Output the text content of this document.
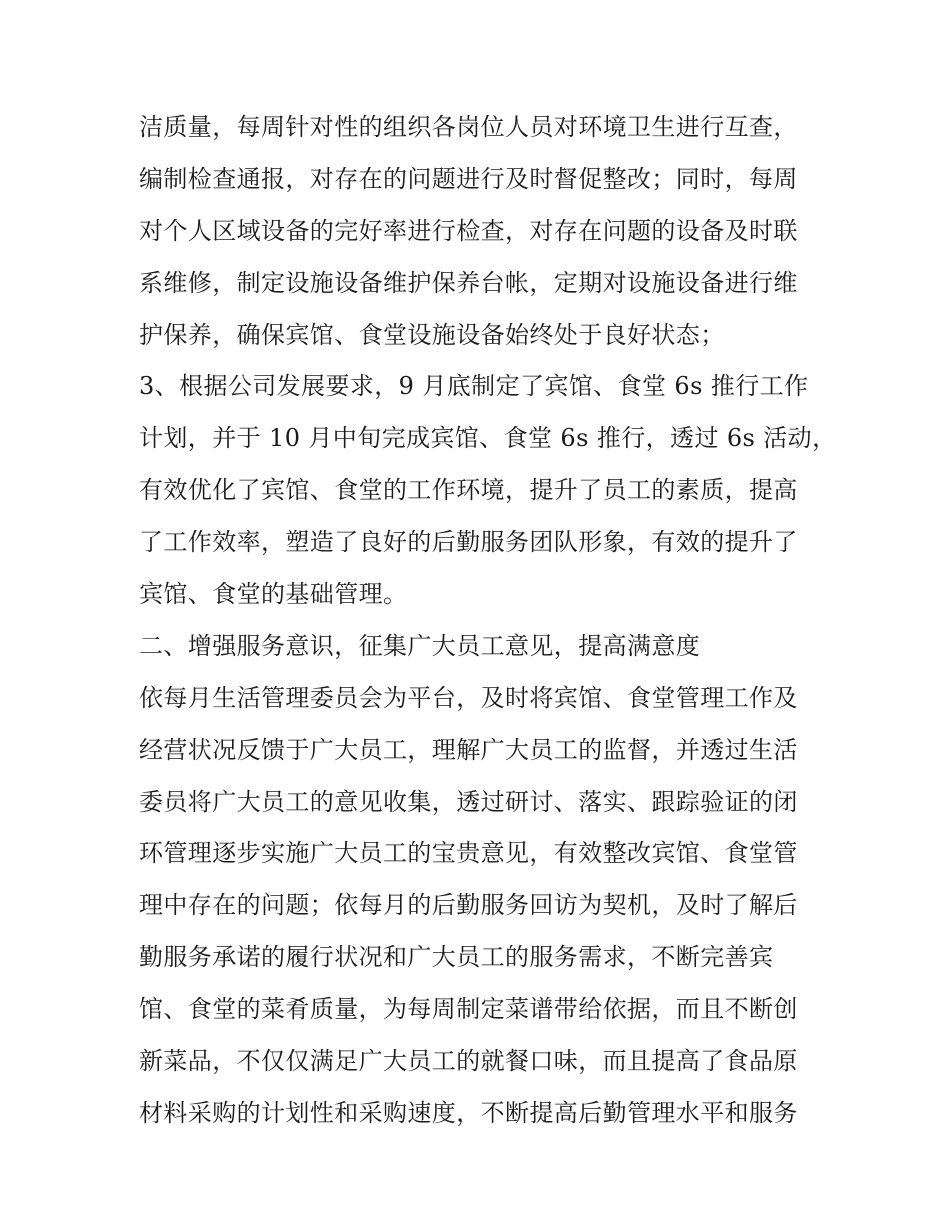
洁质量，每周针对性的组织各岗位人员对环境卫生进行互查，
编制检查通报，对存在的问题进行及时督促整改；同时，每周
对个人区域设备的完好率进行检查，对存在问题的设备及时联
系维修，制定设施设备维护保养台帐，定期对设施设备进行维
护保养，确保宾馆、食堂设施设备始终处于良好状态；
3、根据公司发展要求，9 月底制定了宾馆、食堂 6s 推行工作
计划，并于 10 月中旬完成宾馆、食堂 6s 推行，透过 6s 活动，
有效优化了宾馆、食堂的工作环境，提升了员工的素质，提高
了工作效率，塑造了良好的后勤服务团队形象，有效的提升了
宾馆、食堂的基础管理。
二、增强服务意识，征集广大员工意见，提高满意度
依每月生活管理委员会为平台，及时将宾馆、食堂管理工作及
经营状况反馈于广大员工，理解广大员工的监督，并透过生活
委员将广大员工的意见收集，透过研讨、落实、跟踪验证的闭
环管理逐步实施广大员工的宝贵意见，有效整改宾馆、食堂管
理中存在的问题；依每月的后勤服务回访为契机，及时了解后
勤服务承诺的履行状况和广大员工的服务需求，不断完善宾
馆、食堂的菜肴质量，为每周制定菜谱带给依据，而且不断创
新菜品，不仅仅满足广大员工的就餐口味，而且提高了食品原
材料采购的计划性和采购速度，不断提高后勤管理水平和服务
